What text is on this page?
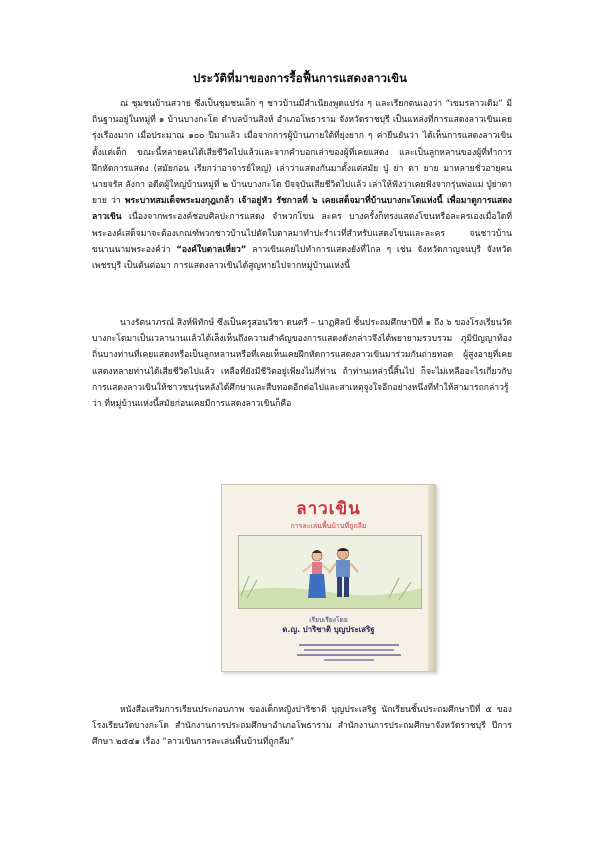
ประวัติที่มาของการรื้อฟื้นการแสดงลาวเขิน

ณ ชุมชนบ้านสวาย ซึ่งเป็นชุมชนเล็ก ๆ ชาวบ้านมีสำเนียงพูดแปร่ง ๆ และเรียกตนเองว่า “เขมรลาวเดิม” มีถิ่นฐานอยู่ในหมู่ที่ ๑ บ้านบางกะโด ตำบลบ้านสิงห์ อำเภอโพธาราม จังหวัดราชบุรี เป็นแหล่งที่การแสดงลาวเขินเคยรุ่งเรืองมาก เมื่อประมาณ ๑๐๐ ปีมาแล้ว เมื่อจากการผู้บ้านภายใต้ที่ยุ่งยาก ๆ ค่ายืนยันว่า ได้เห็นการแสดงลาวเขินตั้งแต่เด็ก ขณะนี้หลายคนได้เสียชีวิตไปแล้วและจากคำบอกเล่าของผู้ที่เคยแสดง และเป็นลูกหลานของผู้ที่ทำการฝึกหัดการแสดง (สมัยก่อน เรียกว่าอาจารย์ใหญ่) เล่าว่าแสดงกันมาตั้งแต่สมัย ปู่ ย่า ตา ยาย มาหลายชั่วอายุคน นายจรัส ลังกา อดีตผู้ใหญ่บ้านหมู่ที่ ๒ บ้านบางกะโด ปัจจุบันเสียชีวิตไปแล้ว เล่าให้ฟังว่าเคยฟังจากรุ่นพ่อแม่ ปู่ย่าตายาย ว่า พระบาทสมเด็จพระมงกุฎเกล้า เจ้าอยู่หัว รัชกาลที่ ๖ เคยเสด็จมาที่บ้านบางกะโดแห่งนี้ เพื่อมาดูการแสดงลาวเขิน เนื่องจากพระองค์ชอบศิลปะการแสดง จำพวกโขน ละคร บางครั้งก็ทรงแสดงโขนหรือละครเองเมื่อใดที่พระองค์เสด็จมาจะต้องเกณฑ์พวกชาวบ้านไปตัดใบตาลมาทำปะรำเวที่สำหรับแสดงโขนและละคร จนชาวบ้านขนานนามพระองค์ว่า “องค์ใบตาลเหี่ยว” ลาวเขินเคยไปทำการแสดงยังที่ไกล ๆ เช่น จังหวัดกาญจนบุรี จังหวัดเพชรบุรี เป็นต้นต่อมา การแสดงลาวเขินได้สูญหายไปจากหมู่บ้านแห่งนี้

นางรัตนาภรณ์ สิงห์พิทักษ์ ซึ่งเป็นครูสอนวิชา ดนตรี – นาฏศิลป์ ชั้นประถมศึกษาปีที่ ๑ ถึง ๖ ของโรงเรียนวัดบางกะโดมาเป็นเวลานานแล้วได้เล็งเห็นถึงความสำคัญของการแสดงดังกล่าวจึงได้พยายามรวบรวม ภูมิปัญญาท้องถิ่นบางท่านที่เคยแสดงหรือเป็นลูกหลานหรือที่เคยเห็นเคยฝึกหัดการแสดงลาวเขินมาร่วมกันถ่ายทอด ผู้สูงอายุที่เคยแสดงหลายท่านได้เสียชีวิตไปแล้ว เหลือที่ยังมีชีวิตอยู่เพียงไม่กี่ท่าน ถ้าท่านเหล่านี้สิ้นไป ก็จะไม่เหลืออะไรเกี่ยวกับการแสดงลาวเขินให้ชาวชนรุ่นหลังได้ศึกษาและสืบทอดอีกต่อไปและสาเหตุจูงใจอีกอย่างหนึ่งที่ทำให้สามารถกล่าวรู้ว่า ที่หมู่บ้านแห่งนี้สมัยก่อนเคยมีการแสดงลาวเขินก็คือ

ลาวเขิน
การละเล่นพื้นบ้านที่ถูกลืม
เรียบเรียงโดย
ด.ญ. ปาริชาติ บุญประเสริฐ

หนังสือเสริมการเรียนประกอบภาพ ของเด็กหญิงปาริชาติ บุญประเสริฐ นักเรียนชั้นประถมศึกษาปีที่ ๕ ของโรงเรียนวัดบางกะโด สำนักงานการประถมศึกษาอำเภอโพธาราม สำนักงานการประถมศึกษาจังหวัดราชบุรี ปีการศึกษา ๒๕๔๑ เรื่อง “ลาวเขินการละเล่นพื้นบ้านที่ถูกลืม”
